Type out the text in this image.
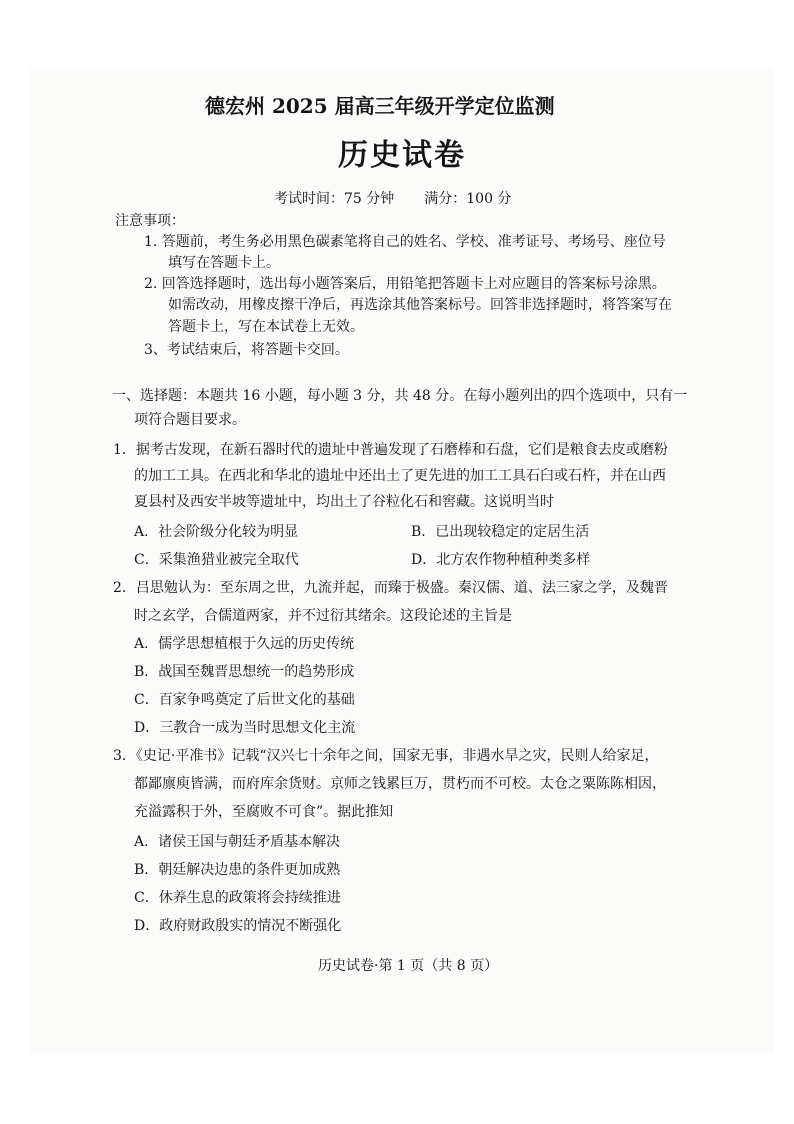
德宏州 2025 届高三年级开学定位监测
历史试卷
考试时间：75 分钟 满分：100 分
注意事项：
1. 答题前，考生务必用黑色碳素笔将自己的姓名、学校、准考证号、考场号、座位号
填写在答题卡上。
2. 回答选择题时，选出每小题答案后，用铅笔把答题卡上对应题目的答案标号涂黑。
如需改动，用橡皮擦干净后，再选涂其他答案标号。回答非选择题时，将答案写在
答题卡上，写在本试卷上无效。
3、考试结束后，将答题卡交回。
一、选择题：本题共 16 小题，每小题 3 分，共 48 分。在每小题列出的四个选项中，只有一
项符合题目要求。
1．据考古发现，在新石器时代的遗址中普遍发现了石磨棒和石盘，它们是粮食去皮或磨粉
的加工工具。在西北和华北的遗址中还出土了更先进的加工工具石臼或石杵，并在山西
夏县村及西安半坡等遗址中，均出土了谷粒化石和窖藏。这说明当时
A．社会阶级分化较为明显	B．已出现较稳定的定居生活
C．采集渔猎业被完全取代	D．北方农作物种植种类多样
2．吕思勉认为：至东周之世，九流并起，而臻于极盛。秦汉儒、道、法三家之学，及魏晋
时之玄学，合儒道两家，并不过衍其绪余。这段论述的主旨是
A．儒学思想植根于久远的历史传统
B．战国至魏晋思想统一的趋势形成
C．百家争鸣奠定了后世文化的基础
D．三教合一成为当时思想文化主流
3．《史记·平准书》记载“汉兴七十余年之间，国家无事，非遇水旱之灾，民则人给家足，
都鄙廪庾皆满，而府库余货财。京师之钱累巨万，贯朽而不可校。太仓之粟陈陈相因，
充溢露积于外，至腐败不可食”。据此推知
A．诸侯王国与朝廷矛盾基本解决
B．朝廷解决边患的条件更加成熟
C．休养生息的政策将会持续推进
D．政府财政殷实的情况不断强化
历史试卷·第 1 页（共 8 页）
